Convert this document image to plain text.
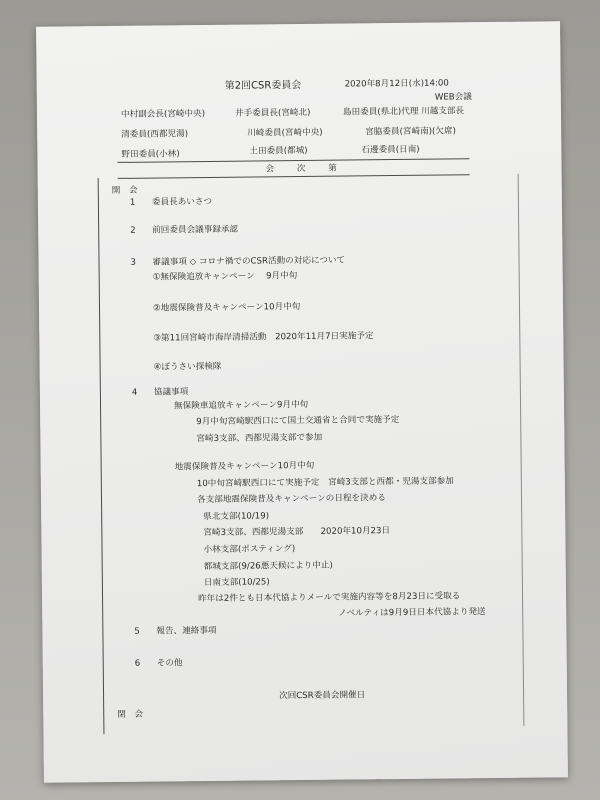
第2回CSR委員会	2020年8月12日(水)14:00
WEB会議
中村副会長(宮崎中央)	井手委員長(宮崎北)	島田委員(県北)代理 川越支部長
清委員(西都児湯)	川崎委員(宮崎中央)	宮脇委員(宮崎南)(欠席)
野田委員(小林)	土田委員(都城)	石邊委員(日南)
会 次 第
開　会
1 委員長あいさつ
2 前回委員会議事録承認
3 審議事項 ◇ コロナ禍でのCSR活動の対応について
①無保険追放キャンペーン　 9月中旬
②地震保険普及キャンペーン10月中旬
③第11回宮崎市海岸清掃活動　2020年11月7日実施予定
④ぼうさい探検隊
4 協議事項
無保険車追放キャンペーン9月中旬
9月中旬宮崎駅西口にて国土交通省と合同で実施予定
宮崎3支部、西都児湯支部で参加
地震保険普及キャンペーン10月中旬
10中旬宮崎駅西口にて実施予定　宮崎3支部と西都・児湯支部参加
各支部地震保険普及キャンペーンの日程を決める
県北支部(10/19)
宮崎3支部、西都児湯支部　　2020年10月23日
小林支部(ポスティング)
都城支部(9/26悪天候により中止)
日南支部(10/25)
昨年は2件とも日本代協よりメールで実施内容等を8月23日に受取る
ノベルティは9月9日日本代協より発送
5 報告、連絡事項
6 その他
次回CSR委員会開催日
閉　会
